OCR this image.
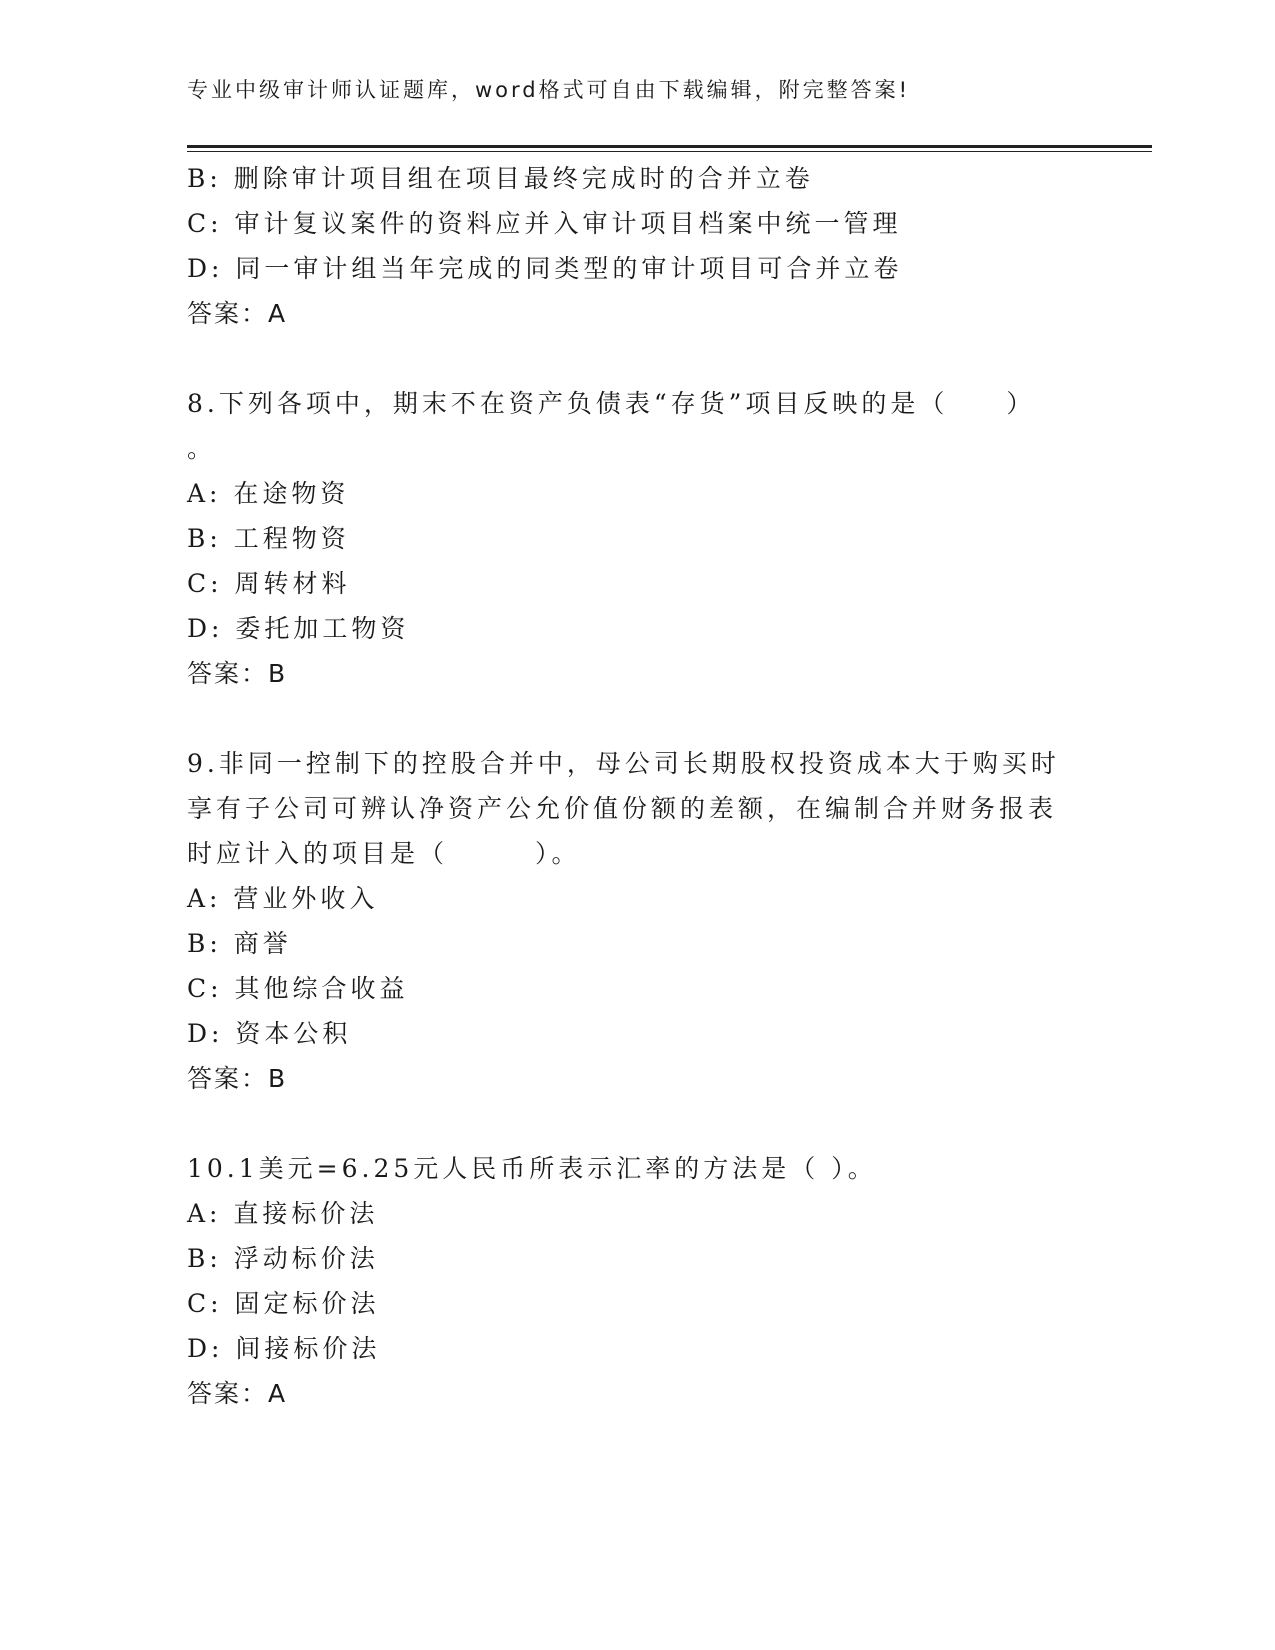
专业中级审计师认证题库，word格式可自由下载编辑，附完整答案!
B: 删除审计项目组在项目最终完成时的合并立卷
C: 审计复议案件的资料应并入审计项目档案中统一管理
D: 同一审计组当年完成的同类型的审计项目可合并立卷
答案：A
8.下列各项中，期末不在资产负债表“存货”项目反映的是（　　）
。
A: 在途物资
B: 工程物资
C: 周转材料
D: 委托加工物资
答案：B
9.非同一控制下的控股合并中，母公司长期股权投资成本大于购买时
享有子公司可辨认净资产公允价值份额的差额，在编制合并财务报表
时应计入的项目是（　　　）。
A: 营业外收入
B: 商誉
C: 其他综合收益
D: 资本公积
答案：B
10.1美元=6.25元人民币所表示汇率的方法是（ ）。
A: 直接标价法
B: 浮动标价法
C: 固定标价法
D: 间接标价法
答案：A
